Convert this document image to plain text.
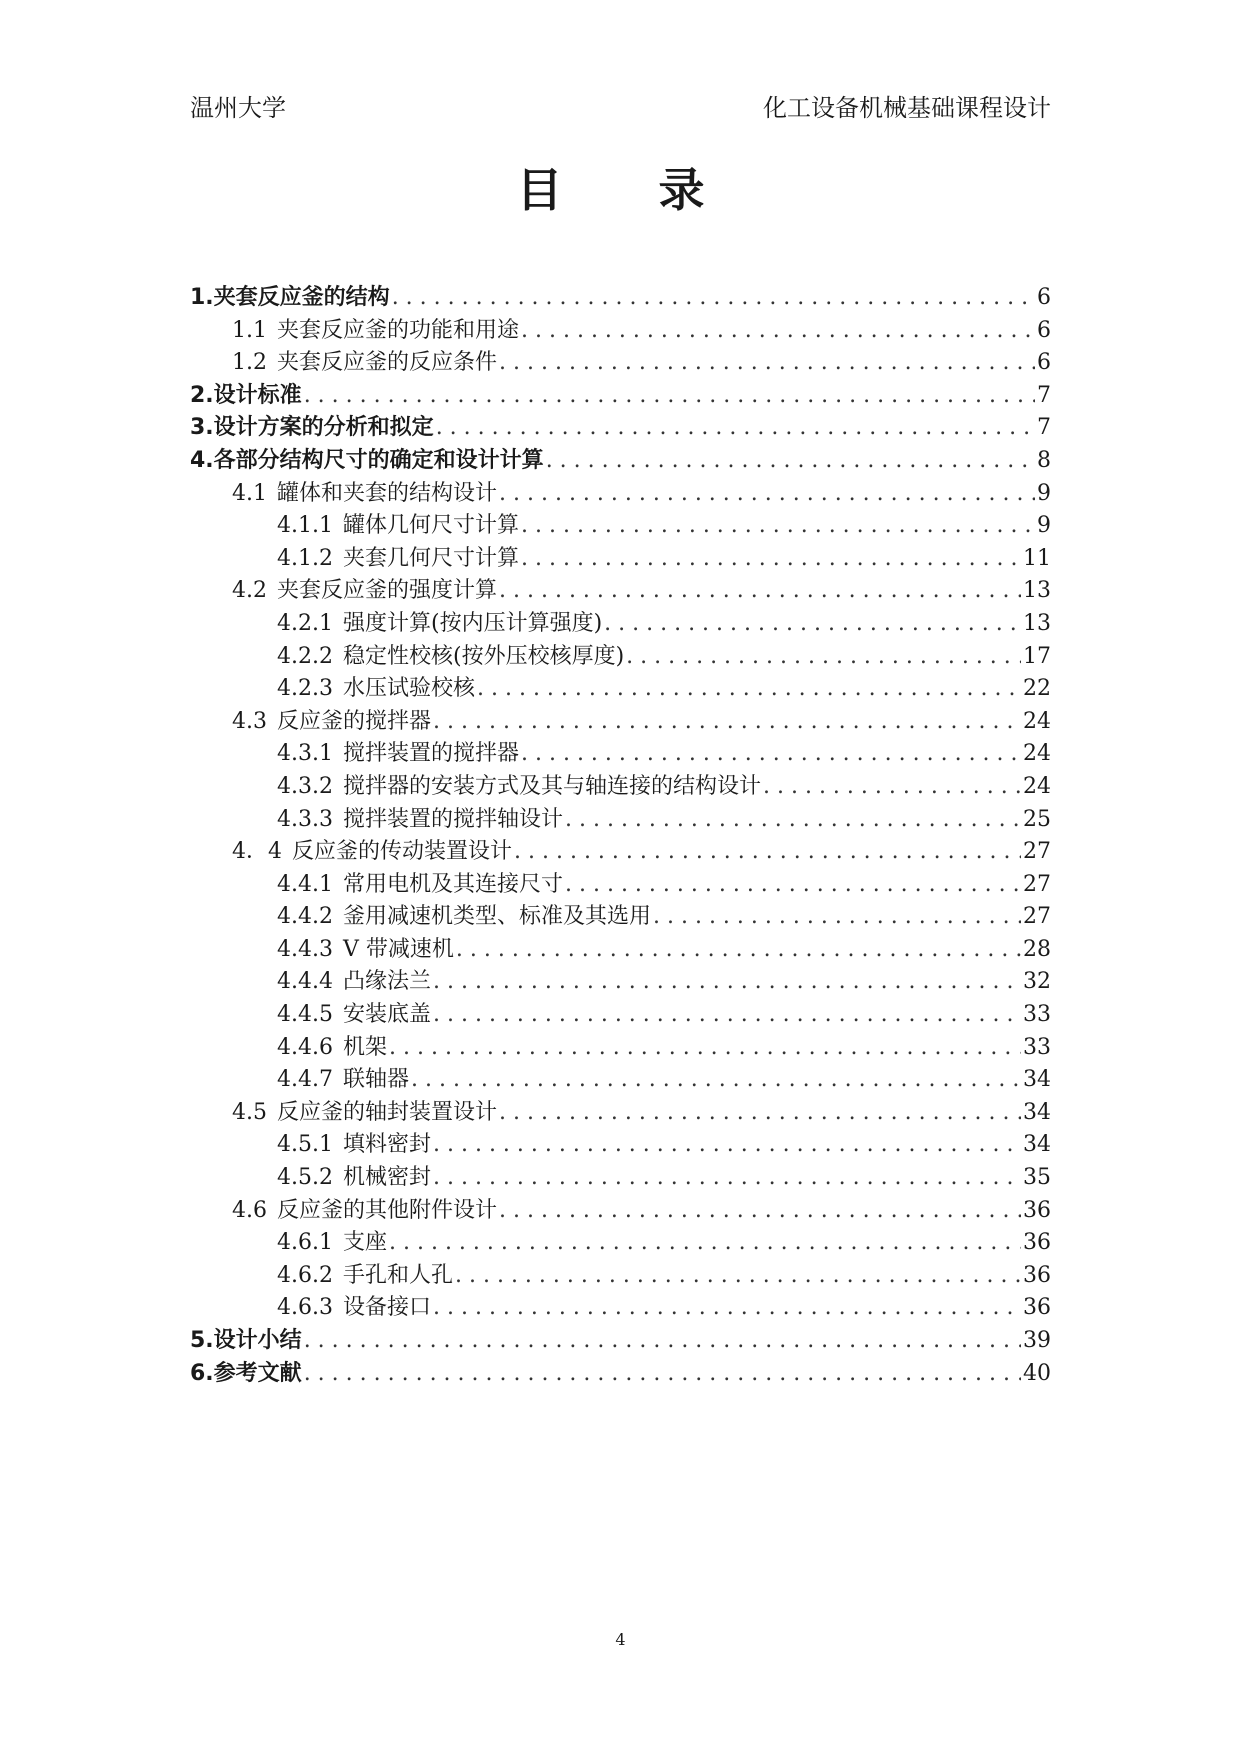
温州大学	化工设备机械基础课程设计
目 录
1. 夹套反应釜的结构 . . .	6
1.1 夹套反应釜的功能和用途 . . .	6
1.2 夹套反应釜的反应条件 . . .	6
2. 设计标准 . . .	7
3. 设计方案的分析和拟定 . . .	7
4. 各部分结构尺寸的确定和设计计算 . . .	8
4.1 罐体和夹套的结构设计 . . .	9
4.1.1 罐体几何尺寸计算 . . .	9
4.1.2 夹套几何尺寸计算 . . .	11
4.2 夹套反应釜的强度计算 . . .	13
4.2.1 强度计算(按内压计算强度) . . .	13
4.2.2 稳定性校核(按外压校核厚度) . . .	17
4.2.3 水压试验校核 . . .	22
4.3 反应釜的搅拌器 . . .	24
4.3.1 搅拌装置的搅拌器 . . .	24
4.3.2 搅拌器的安装方式及其与轴连接的结构设计 . . .	24
4.3.3 搅拌装置的搅拌轴设计 . . .	25
4．4 反应釜的传动装置设计 . . .	27
4.4.1 常用电机及其连接尺寸 . . .	27
4.4.2 釜用减速机类型、标准及其选用 . . .	27
4.4.3 V 带减速机 . . .	28
4.4.4 凸缘法兰 . . .	32
4.4.5 安装底盖 . . .	33
4.4.6 机架 . . .	33
4.4.7 联轴器 . . .	34
4.5 反应釜的轴封装置设计 . . .	34
4.5.1 填料密封 . . .	34
4.5.2 机械密封 . . .	35
4.6 反应釜的其他附件设计 . . .	36
4.6.1 支座 . . .	36
4.6.2 手孔和人孔 . . .	36
4.6.3 设备接口 . . .	36
5. 设计小结 . . .	39
6. 参考文献 . . .	40
4
